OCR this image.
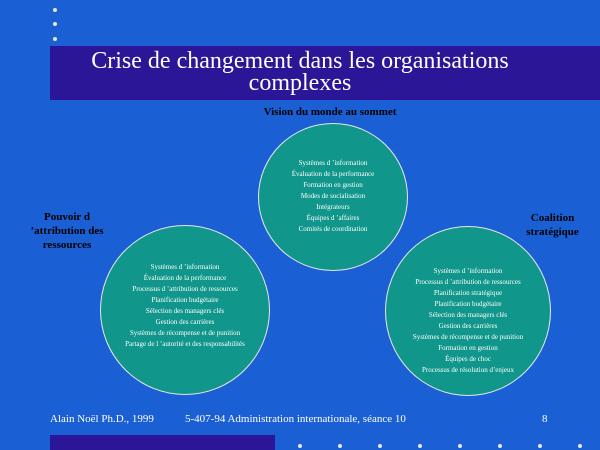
Crise de changement dans les organisations complexes
Vision du monde au sommet
Pouvoir d ’attribution des ressources
Coalition stratégique
Systèmes d ’information
Évaluation de la performance
Formation en gestion
Modes de socialisation
Intégrateurs
Équipes d ’affaires
Comités de coordination
Systèmes d ’information
Évaluation de la performance
Processus d ’attribution de ressources
Planification budgétaire
Sélection des managers clés
Gestion des carrières
Systèmes de récompense et de punition
Partage de l ’autorité et des responsabilités
Systèmes d ’information
Processus d ’attribution de ressources
Planification stratégique
Planification budgétaire
Sélection des managers clés
Gestion des carrières
Systèmes de récompense et de punition
Formation en gestion
Équipes de choc
Processus de résolution d’enjeux
Alain Noël Ph.D., 1999	5-407-94 Administration internationale, séance 10	8
